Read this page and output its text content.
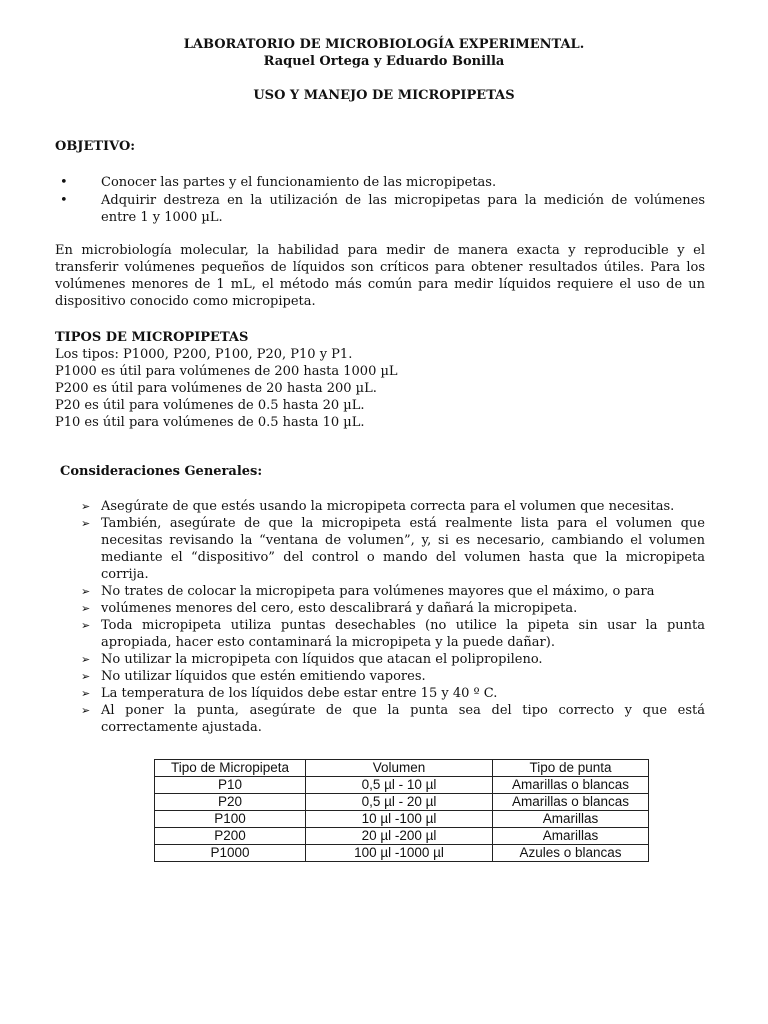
LABORATORIO DE MICROBIOLOGÍA EXPERIMENTAL.
Raquel Ortega y Eduardo Bonilla
USO Y MANEJO DE MICROPIPETAS
OBJETIVO:
•	Conocer las partes y el funcionamiento de las micropipetas.
•	Adquirir destreza en la utilización de las micropipetas para la medición de volúmenes entre 1 y 1000 µL.
En microbiología molecular, la habilidad para medir de manera exacta y reproducible y el transferir volúmenes pequeños de líquidos son críticos para obtener resultados útiles. Para los volúmenes menores de 1 mL, el método más común para medir líquidos requiere el uso de un dispositivo conocido como micropipeta.
TIPOS DE MICROPIPETAS
Los tipos: P1000, P200, P100, P20, P10 y P1.
P1000 es útil para volúmenes de 200 hasta 1000 µL
P200 es útil para volúmenes de 20 hasta 200 µL.
P20 es útil para volúmenes de 0.5 hasta 20 µL.
P10 es útil para volúmenes de 0.5 hasta 10 µL.
Consideraciones Generales:
➢ Asegúrate de que estés usando la micropipeta correcta para el volumen que necesitas.
➢ También, asegúrate de que la micropipeta está realmente lista para el volumen que necesitas revisando la “ventana de volumen”, y, si es necesario, cambiando el volumen mediante el “dispositivo” del control o mando del volumen hasta que la micropipeta corrija.
➢ No trates de colocar la micropipeta para volúmenes mayores que el máximo, o para
➢ volúmenes menores del cero, esto descalibrará y dañará la micropipeta.
➢ Toda micropipeta utiliza puntas desechables (no utilice la pipeta sin usar la punta apropiada, hacer esto contaminará la micropipeta y la puede dañar).
➢ No utilizar la micropipeta con líquidos que atacan el polipropileno.
➢ No utilizar líquidos que estén emitiendo vapores.
➢ La temperatura de los líquidos debe estar entre 15 y 40 º C.
➢ Al poner la punta, asegúrate de que la punta sea del tipo correcto y que está correctamente ajustada.
Tipo de Micropipeta	Volumen	Tipo de punta
P10	0,5 µl - 10 µl	Amarillas o blancas
P20	0,5 µl - 20 µl	Amarillas o blancas
P100	10 µl -100 µl	Amarillas
P200	20 µl -200 µl	Amarillas
P1000	100 µl -1000 µl	Azules o blancas
